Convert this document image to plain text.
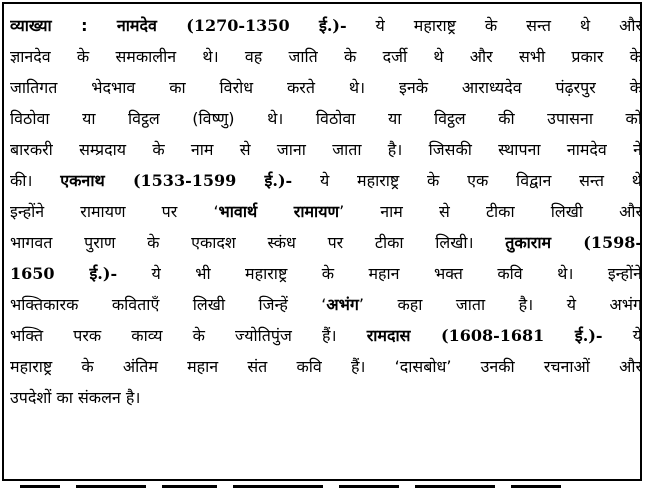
व्याख्या : नामदेव (1270-1350 ई.)- ये महाराष्ट्र के सन्त थे और
ज्ञानदेव के समकालीन थे। वह जाति के दर्जी थे और सभी प्रकार के
जातिगत भेदभाव का विरोध करते थे। इनके आराध्यदेव पंढ़रपुर के
विठोवा या विट्ठल (विष्णु) थे। विठोवा या विट्ठल की उपासना को
बारकरी सम्प्रदाय के नाम से जाना जाता है। जिसकी स्थापना नामदेव ने
की। एकनाथ (1533-1599 ई.)- ये महाराष्ट्र के एक विद्वान सन्त थे
इन्होंने रामायण पर ‘भावार्थ रामायण’ नाम से टीका लिखी और
भागवत पुराण के एकादश स्कंध पर टीका लिखी। तुकाराम (1598-
1650 ई.)- ये भी महाराष्ट्र के महान भक्त कवि थे। इन्होंने
भक्तिकारक कविताएँ लिखी जिन्हें ‘अभंग’ कहा जाता है। ये अभंग
भक्ति परक काव्य के ज्योतिपुंज हैं। रामदास (1608-1681 ई.)- ये
महाराष्ट्र के अंतिम महान संत कवि हैं। ‘दासबोध’ उनकी रचनाओं और
उपदेशों का संकलन है।
